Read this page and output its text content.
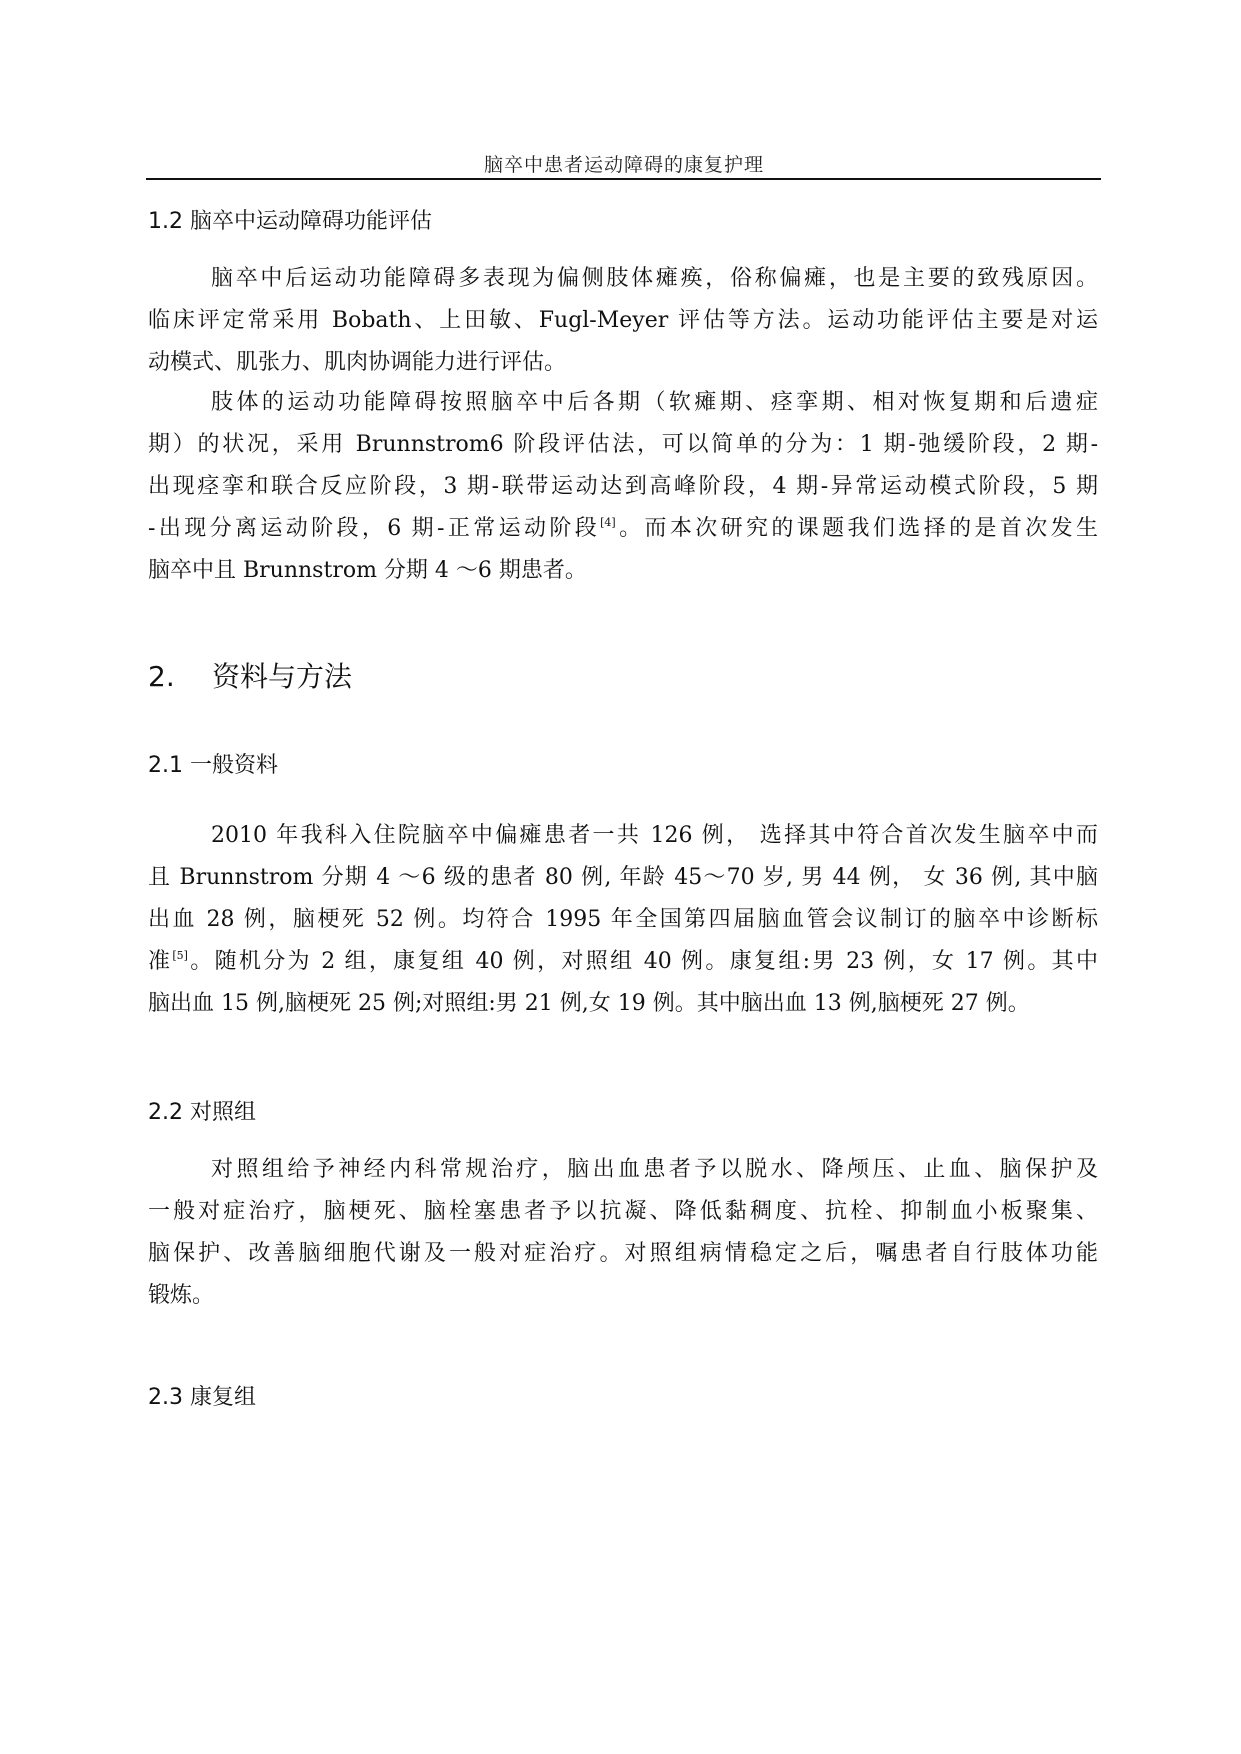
脑卒中患者运动障碍的康复护理
1.2 脑卒中运动障碍功能评估
脑卒中后运动功能障碍多表现为偏侧肢体瘫痪，俗称偏瘫，也是主要的致残原因。
临床评定常采用 Bobath、上田敏、Fugl-Meyer 评估等方法。运动功能评估主要是对运
动模式、肌张力、肌肉协调能力进行评估。
肢体的运动功能障碍按照脑卒中后各期（软瘫期、痉挛期、相对恢复期和后遗症
期）的状况，采用 Brunnstrom6 阶段评估法，可以简单的分为：1 期-弛缓阶段，2 期-
出现痉挛和联合反应阶段，3 期-联带运动达到高峰阶段，4 期-异常运动模式阶段，5 期
-出现分离运动阶段，6 期-正常运动阶段[4]。而本次研究的课题我们选择的是首次发生
脑卒中且 Brunnstrom 分期 4 ～6 期患者。
2. 资料与方法
2.1 一般资料
2010 年我科入住院脑卒中偏瘫患者一共 126 例， 选择其中符合首次发生脑卒中而
且 Brunnstrom 分期 4 ～6 级的患者 80 例, 年龄 45～70 岁, 男 44 例， 女 36 例, 其中脑
出血 28 例，脑梗死 52 例。均符合 1995 年全国第四届脑血管会议制订的脑卒中诊断标
准[5]。随机分为 2 组，康复组 40 例，对照组 40 例。康复组:男 23 例，女 17 例。其中
脑出血 15 例,脑梗死 25 例;对照组:男 21 例,女 19 例。其中脑出血 13 例,脑梗死 27 例。
2.2 对照组
对照组给予神经内科常规治疗，脑出血患者予以脱水、降颅压、止血、脑保护及
一般对症治疗，脑梗死、脑栓塞患者予以抗凝、降低黏稠度、抗栓、抑制血小板聚集、
脑保护、改善脑细胞代谢及一般对症治疗。对照组病情稳定之后，嘱患者自行肢体功能
锻炼。
2.3 康复组
